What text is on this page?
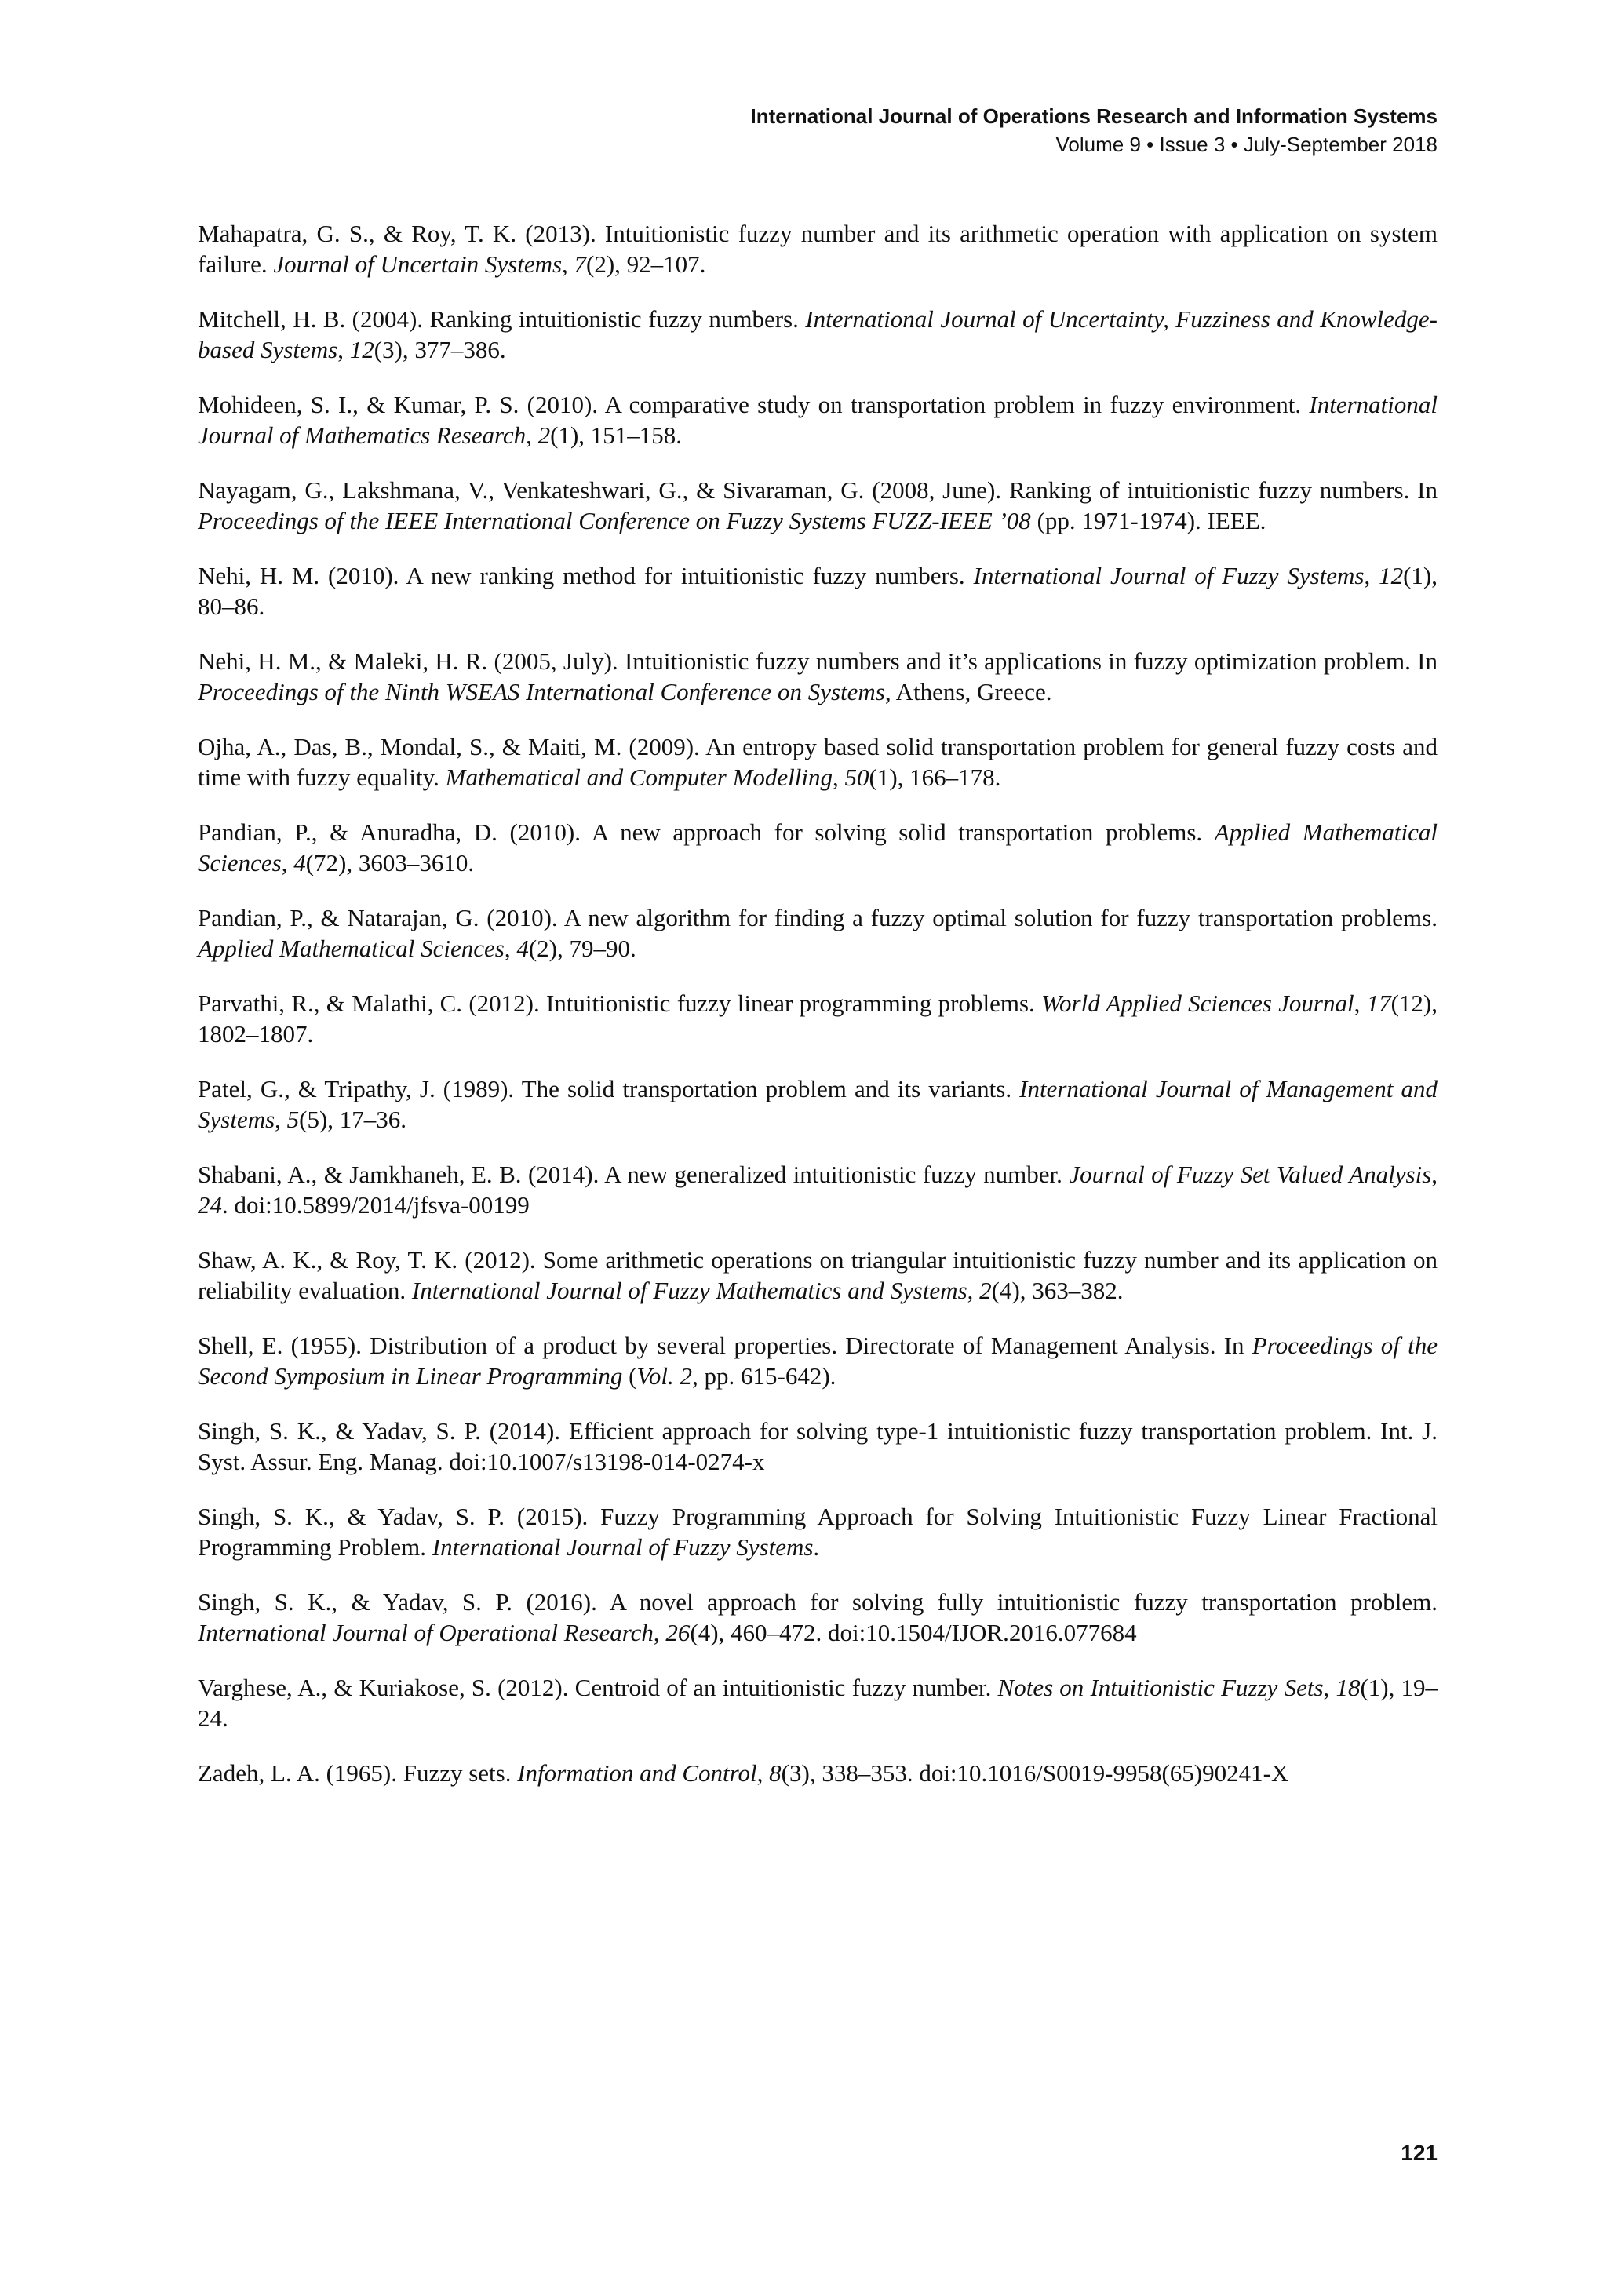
International Journal of Operations Research and Information Systems
Volume 9 • Issue 3 • July-September 2018

Mahapatra, G. S., & Roy, T. K. (2013). Intuitionistic fuzzy number and its arithmetic operation with application on system failure. Journal of Uncertain Systems, 7(2), 92–107.

Mitchell, H. B. (2004). Ranking intuitionistic fuzzy numbers. International Journal of Uncertainty, Fuzziness and Knowledge-based Systems, 12(3), 377–386.

Mohideen, S. I., & Kumar, P. S. (2010). A comparative study on transportation problem in fuzzy environment. International Journal of Mathematics Research, 2(1), 151–158.

Nayagam, G., Lakshmana, V., Venkateshwari, G., & Sivaraman, G. (2008, June). Ranking of intuitionistic fuzzy numbers. In Proceedings of the IEEE International Conference on Fuzzy Systems FUZZ-IEEE ’08 (pp. 1971-1974). IEEE.

Nehi, H. M. (2010). A new ranking method for intuitionistic fuzzy numbers. International Journal of Fuzzy Systems, 12(1), 80–86.

Nehi, H. M., & Maleki, H. R. (2005, July). Intuitionistic fuzzy numbers and it’s applications in fuzzy optimization problem. In Proceedings of the Ninth WSEAS International Conference on Systems, Athens, Greece.

Ojha, A., Das, B., Mondal, S., & Maiti, M. (2009). An entropy based solid transportation problem for general fuzzy costs and time with fuzzy equality. Mathematical and Computer Modelling, 50(1), 166–178.

Pandian, P., & Anuradha, D. (2010). A new approach for solving solid transportation problems. Applied Mathematical Sciences, 4(72), 3603–3610.

Pandian, P., & Natarajan, G. (2010). A new algorithm for finding a fuzzy optimal solution for fuzzy transportation problems. Applied Mathematical Sciences, 4(2), 79–90.

Parvathi, R., & Malathi, C. (2012). Intuitionistic fuzzy linear programming problems. World Applied Sciences Journal, 17(12), 1802–1807.

Patel, G., & Tripathy, J. (1989). The solid transportation problem and its variants. International Journal of Management and Systems, 5(5), 17–36.

Shabani, A., & Jamkhaneh, E. B. (2014). A new generalized intuitionistic fuzzy number. Journal of Fuzzy Set Valued Analysis, 24. doi:10.5899/2014/jfsva-00199

Shaw, A. K., & Roy, T. K. (2012). Some arithmetic operations on triangular intuitionistic fuzzy number and its application on reliability evaluation. International Journal of Fuzzy Mathematics and Systems, 2(4), 363–382.

Shell, E. (1955). Distribution of a product by several properties. Directorate of Management Analysis. In Proceedings of the Second Symposium in Linear Programming (Vol. 2, pp. 615-642).

Singh, S. K., & Yadav, S. P. (2014). Efficient approach for solving type-1 intuitionistic fuzzy transportation problem. Int. J. Syst. Assur. Eng. Manag. doi:10.1007/s13198-014-0274-x

Singh, S. K., & Yadav, S. P. (2015). Fuzzy Programming Approach for Solving Intuitionistic Fuzzy Linear Fractional Programming Problem. International Journal of Fuzzy Systems.

Singh, S. K., & Yadav, S. P. (2016). A novel approach for solving fully intuitionistic fuzzy transportation problem. International Journal of Operational Research, 26(4), 460–472. doi:10.1504/IJOR.2016.077684

Varghese, A., & Kuriakose, S. (2012). Centroid of an intuitionistic fuzzy number. Notes on Intuitionistic Fuzzy Sets, 18(1), 19–24.

Zadeh, L. A. (1965). Fuzzy sets. Information and Control, 8(3), 338–353. doi:10.1016/S0019-9958(65)90241-X

121
